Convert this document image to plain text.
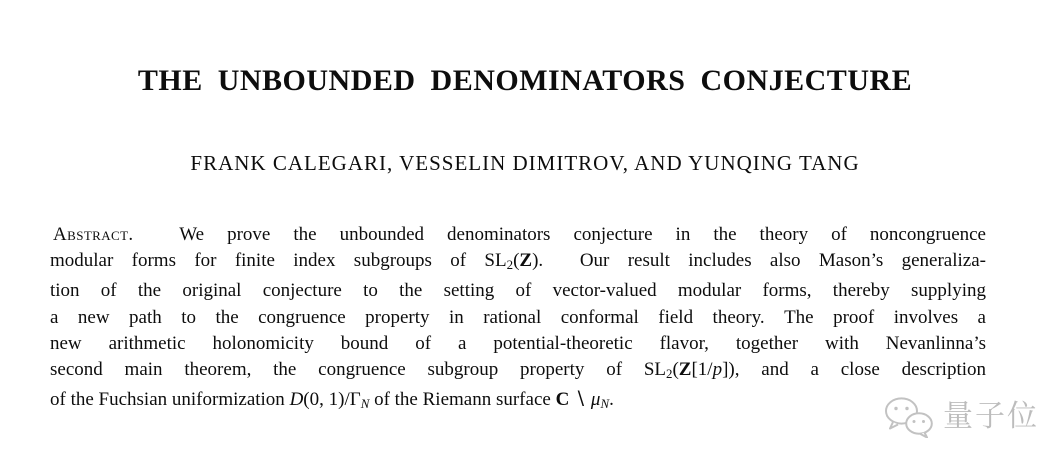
THE UNBOUNDED DENOMINATORS CONJECTURE
FRANK CALEGARI, VESSELIN DIMITROV, AND YUNQING TANG
Abstract.  We prove the unbounded denominators conjecture in the theory of noncongruence
modular forms for finite index subgroups of SL2(Z).  Our result includes also Mason’s generaliza-
tion of the original conjecture to the setting of vector-valued modular forms, thereby supplying
a new path to the congruence property in rational conformal field theory. The proof involves a
new arithmetic holonomicity bound of a potential-theoretic flavor, together with Nevanlinna’s
second main theorem, the congruence subgroup property of SL2(Z[1/p]), and a close description
of the Fuchsian uniformization D(0, 1)/ΓN of the Riemann surface C ∖ μN.
量子位
